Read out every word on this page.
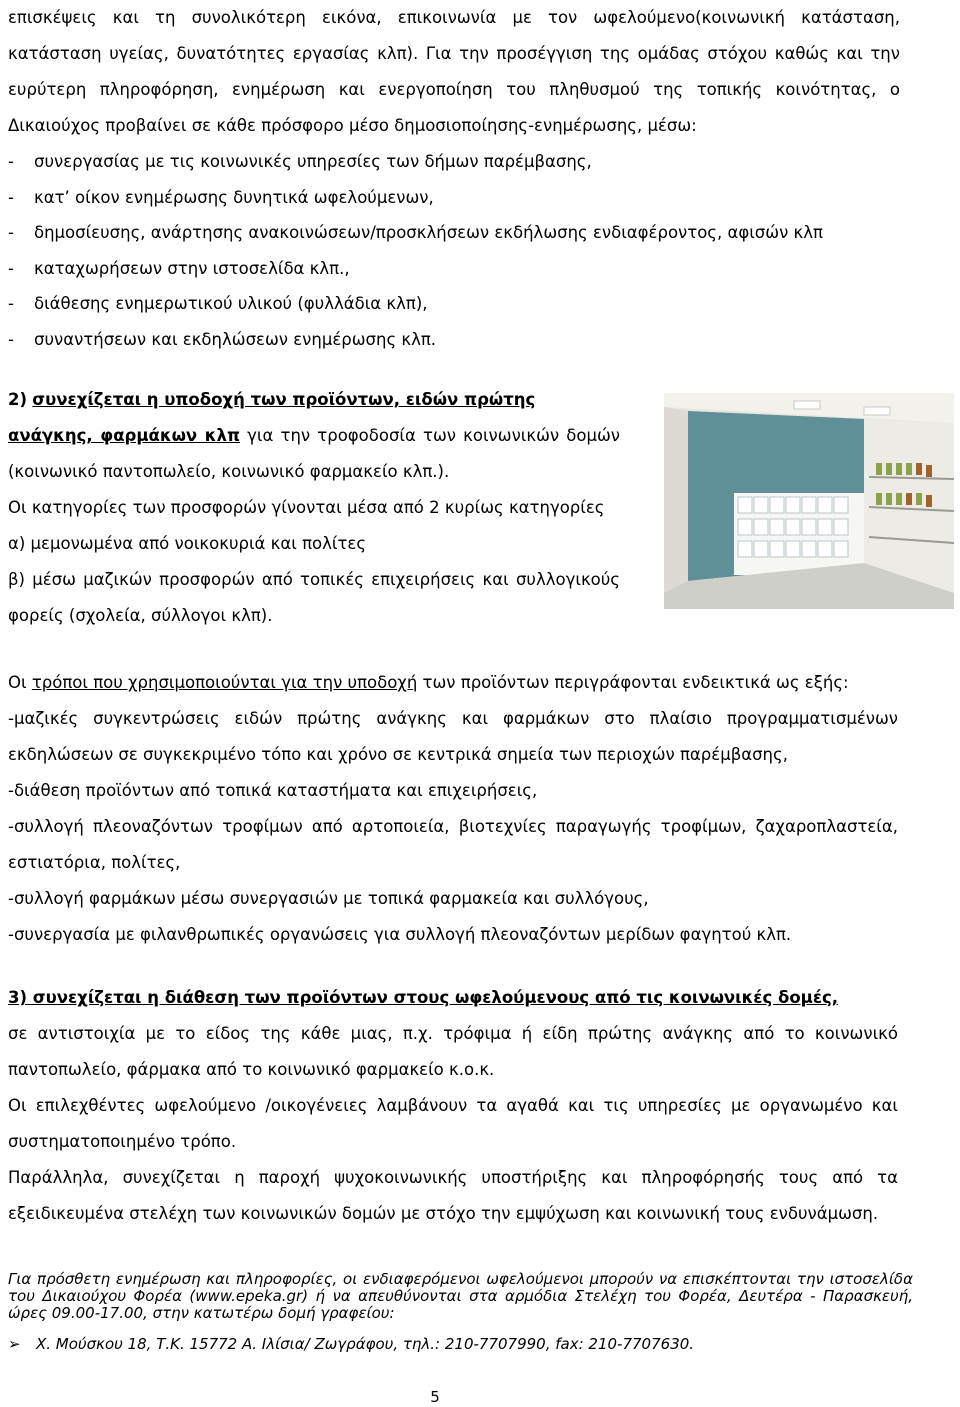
επισκέψεις και τη συνολικότερη εικόνα, επικοινωνία με τον ωφελούμενο(κοινωνική κατάσταση,
κατάσταση υγείας, δυνατότητες εργασίας κλπ). Για την προσέγγιση της ομάδας στόχου καθώς και την
ευρύτερη πληροφόρηση, ενημέρωση και ενεργοποίηση του πληθυσμού της τοπικής κοινότητας, ο
Δικαιούχος προβαίνει σε κάθε πρόσφορο μέσο δημοσιοποίησης-ενημέρωσης, μέσω:
-	συνεργασίας με τις κοινωνικές υπηρεσίες των δήμων παρέμβασης,
-	κατ’ οίκον ενημέρωσης δυνητικά ωφελούμενων,
-	δημοσίευσης, ανάρτησης ανακοινώσεων/προσκλήσεων εκδήλωσης ενδιαφέροντος, αφισών κλπ
-	καταχωρήσεων στην ιστοσελίδα κλπ.,
-	διάθεσης ενημερωτικού υλικού (φυλλάδια κλπ),
-	συναντήσεων και εκδηλώσεων ενημέρωσης κλπ.
2) συνεχίζεται η υποδοχή των προϊόντων, ειδών πρώτης
ανάγκης, φαρμάκων κλπ για την τροφοδοσία των κοινωνικών δομών (κοινωνικό παντοπωλείο, κοινωνικό φαρμακείο κλπ.).
Οι κατηγορίες των προσφορών γίνονται μέσα από 2 κυρίως κατηγορίες
α) μεμονωμένα από νοικοκυριά και πολίτες
β) μέσω μαζικών προσφορών από τοπικές επιχειρήσεις και συλλογικούς φορείς (σχολεία, σύλλογοι κλπ).
Οι τρόποι που χρησιμοποιούνται για την υποδοχή των προϊόντων περιγράφονται ενδεικτικά ως εξής:
-μαζικές συγκεντρώσεις ειδών πρώτης ανάγκης και φαρμάκων στο πλαίσιο προγραμματισμένων εκδηλώσεων σε συγκεκριμένο τόπο και χρόνο σε κεντρικά σημεία των περιοχών παρέμβασης,
-διάθεση προϊόντων από τοπικά καταστήματα και επιχειρήσεις,
-συλλογή πλεοναζόντων τροφίμων από αρτοποιεία, βιοτεχνίες παραγωγής τροφίμων, ζαχαροπλαστεία, εστιατόρια, πολίτες,
-συλλογή φαρμάκων μέσω συνεργασιών με τοπικά φαρμακεία και συλλόγους,
-συνεργασία με φιλανθρωπικές οργανώσεις για συλλογή πλεοναζόντων μερίδων φαγητού κλπ.
3) συνεχίζεται η διάθεση των προϊόντων στους ωφελούμενους από τις κοινωνικές δομές,
σε αντιστοιχία με το είδος της κάθε μιας, π.χ. τρόφιμα ή είδη πρώτης ανάγκης από το κοινωνικό παντοπωλείο, φάρμακα από το κοινωνικό φαρμακείο κ.ο.κ.
Οι επιλεχθέντες ωφελούμενο /οικογένειες λαμβάνουν τα αγαθά και τις υπηρεσίες με οργανωμένο και συστηματοποιημένο τρόπο.
Παράλληλα, συνεχίζεται η παροχή ψυχοκοινωνικής υποστήριξης και πληροφόρησής τους από τα εξειδικευμένα στελέχη των κοινωνικών δομών με στόχο την εμψύχωση και κοινωνική τους ενδυνάμωση.
Για πρόσθετη ενημέρωση και πληροφορίες, οι ενδιαφερόμενοι ωφελούμενοι μπορούν να επισκέπτονται την ιστοσελίδα του Δικαιούχου Φορέα (www.epeka.gr) ή να απευθύνονται στα αρμόδια Στελέχη του Φορέα, Δευτέρα - Παρασκευή, ώρες 09.00-17.00, στην κατωτέρω δομή γραφείου:
➢	Χ. Μούσκου 18, Τ.Κ. 15772 Α. Ιλίσια/ Ζωγράφου, τηλ.: 210-7707990, fax: 210-7707630.
5
